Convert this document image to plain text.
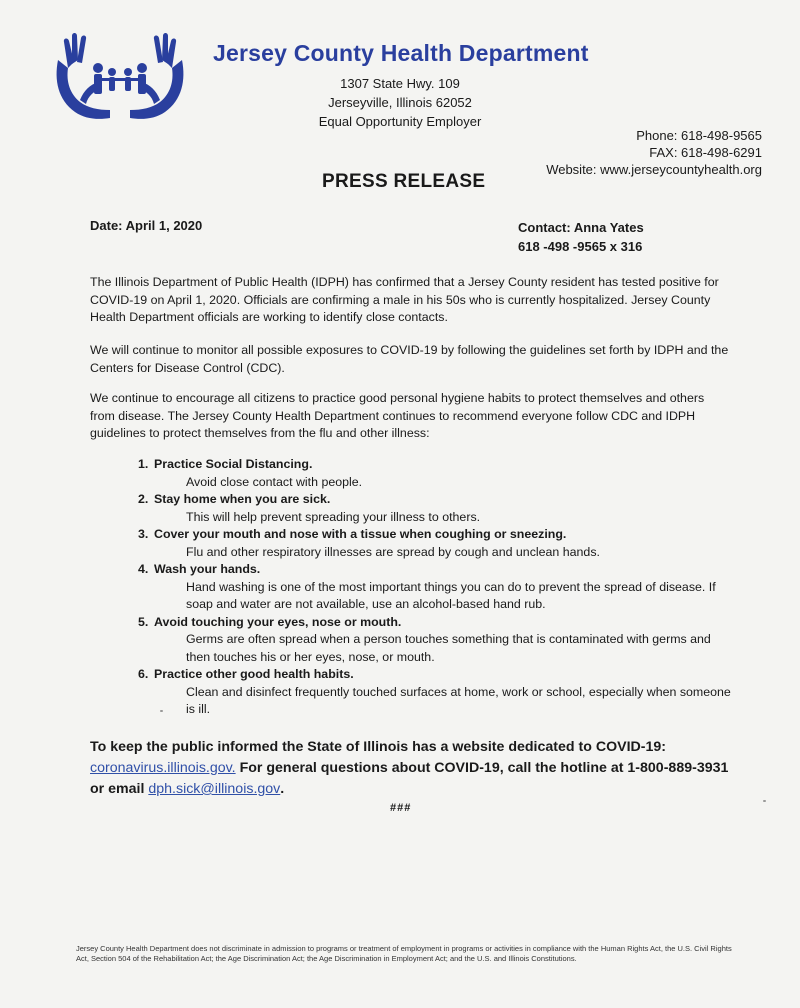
Jersey County Health Department
1307 State Hwy. 109
Jerseyville, Illinois 62052
Equal Opportunity Employer
Phone: 618-498-9565
FAX: 618-498-6291
Website: www.jerseycountyhealth.org
PRESS RELEASE
Date: April 1, 2020	Contact: Anna Yates
618 -498 -9565 x 316
The Illinois Department of Public Health (IDPH) has confirmed that a Jersey County resident has tested positive for COVID-19 on April 1, 2020. Officials are confirming a male in his 50s who is currently hospitalized. Jersey County Health Department officials are working to identify close contacts.
We will continue to monitor all possible exposures to COVID-19 by following the guidelines set forth by IDPH and the Centers for Disease Control (CDC).
We continue to encourage all citizens to practice good personal hygiene habits to protect themselves and others from disease. The Jersey County Health Department continues to recommend everyone follow CDC and IDPH guidelines to protect themselves from the flu and other illness:
1. Practice Social Distancing.
Avoid close contact with people.
2. Stay home when you are sick.
This will help prevent spreading your illness to others.
3. Cover your mouth and nose with a tissue when coughing or sneezing.
Flu and other respiratory illnesses are spread by cough and unclean hands.
4. Wash your hands.
Hand washing is one of the most important things you can do to prevent the spread of disease. If soap and water are not available, use an alcohol-based hand rub.
5. Avoid touching your eyes, nose or mouth.
Germs are often spread when a person touches something that is contaminated with germs and then touches his or her eyes, nose, or mouth.
6. Practice other good health habits.
Clean and disinfect frequently touched surfaces at home, work or school, especially when someone is ill.
To keep the public informed the State of Illinois has a website dedicated to COVID-19:
coronavirus.illinois.gov. For general questions about COVID-19, call the hotline at 1-800-889-3931 or email dph.sick@illinois.gov.
###
Jersey County Health Department does not discriminate in admission to programs or treatment of employment in programs or activities in compliance with the Human Rights Act, the U.S. Civil Rights Act, Section 504 of the Rehabilitation Act; the Age Discrimination Act; the Age Discrimination in Employment Act; and the U.S. and Illinois Constitutions.
